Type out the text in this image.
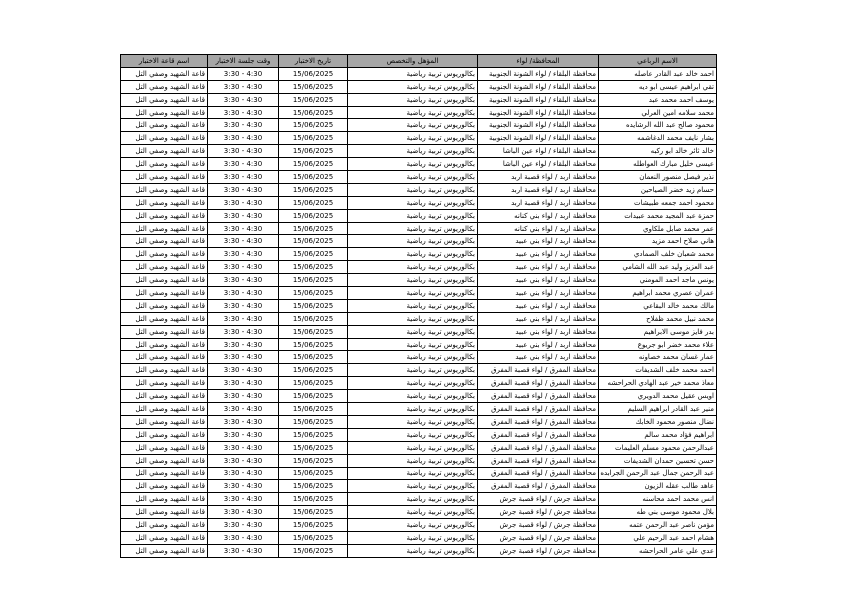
الاسم الرباعي	المحافظة/ لواء	المؤهل والتخصص	تاريخ الاختبار	وقت جلسة الاختبار	اسم قاعة الاختبار
احمد خالد عبد القادر عاصله	محافظة البلقاء / لواء الشونة الجنوبية	بكالوريوس تربية رياضية	15/06/2025	3:30 - 4:30	قاعة الشهيد وصفي التل
تقي ابراهيم عيسى ابو ديه	محافظة البلقاء / لواء الشونة الجنوبية	بكالوريوس تربية رياضية	15/06/2025	3:30 - 4:30	قاعة الشهيد وصفي التل
يوسف احمد محمد عبد	محافظة البلقاء / لواء الشونة الجنوبية	بكالوريوس تربية رياضية	15/06/2025	3:30 - 4:30	قاعة الشهيد وصفي التل
محمد سلامه امين العرلي	محافظة البلقاء / لواء الشونة الجنوبية	بكالوريوس تربية رياضية	15/06/2025	3:30 - 4:30	قاعة الشهيد وصفي التل
محمود صالح عبد الله الرشايده	محافظة البلقاء / لواء الشونة الجنوبية	بكالوريوس تربية رياضية	15/06/2025	3:30 - 4:30	قاعة الشهيد وصفي التل
بشار نايف محمد الدغاشمه	محافظة البلقاء / لواء الشونة الجنوبية	بكالوريوس تربية رياضية	15/06/2025	3:30 - 4:30	قاعة الشهيد وصفي التل
خالد ثائر خالد ابو ركبه	محافظة البلقاء / لواء عين الباشا	بكالوريوس تربية رياضية	15/06/2025	3:30 - 4:30	قاعة الشهيد وصفي التل
عيسى خليل مبارك العواطله	محافظة البلقاء / لواء عين الباشا	بكالوريوس تربية رياضية	15/06/2025	3:30 - 4:30	قاعة الشهيد وصفي التل
نذير فيصل منصور النعمان	محافظة اربد / لواء قصبة اربد	بكالوريوس تربية رياضية	15/06/2025	3:30 - 4:30	قاعة الشهيد وصفي التل
حسام زيد خضر الصياحين	محافظة اربد / لواء قصبة اربد	بكالوريوس تربية رياضية	15/06/2025	3:30 - 4:30	قاعة الشهيد وصفي التل
محمود احمد جمعه طبيشات	محافظة اربد / لواء قصبة اربد	بكالوريوس تربية رياضية	15/06/2025	3:30 - 4:30	قاعة الشهيد وصفي التل
حمزة عبد المجيد محمد عبيدات	محافظة اربد / لواء بني كنانه	بكالوريوس تربية رياضية	15/06/2025	3:30 - 4:30	قاعة الشهيد وصفي التل
عمر محمد صابل ملكاوي	محافظة اربد / لواء بني كنانه	بكالوريوس تربية رياضية	15/06/2025	3:30 - 4:30	قاعة الشهيد وصفي التل
هاني صلاح احمد مزيد	محافظة اربد / لواء بني عبيد	بكالوريوس تربية رياضية	15/06/2025	3:30 - 4:30	قاعة الشهيد وصفي التل
محمد شعبان خلف الصمادي	محافظة اربد / لواء بني عبيد	بكالوريوس تربية رياضية	15/06/2025	3:30 - 4:30	قاعة الشهيد وصفي التل
عبد العزيز وليد عبد الله الشامي	محافظة اربد / لواء بني عبيد	بكالوريوس تربية رياضية	15/06/2025	3:30 - 4:30	قاعة الشهيد وصفي التل
يونس ماجد احمد المومني	محافظة اربد / لواء بني عبيد	بكالوريوس تربية رياضية	15/06/2025	3:30 - 4:30	قاعة الشهيد وصفي التل
عمران عصري محمد ابراهيم	محافظة اربد / لواء بني عبيد	بكالوريوس تربية رياضية	15/06/2025	3:30 - 4:30	قاعة الشهيد وصفي التل
مالك محمد خالد البقاعي	محافظة اربد / لواء بني عبيد	بكالوريوس تربية رياضية	15/06/2025	3:30 - 4:30	قاعة الشهيد وصفي التل
محمد نبيل محمد ظفلاح	محافظة اربد / لواء بني عبيد	بكالوريوس تربية رياضية	15/06/2025	3:30 - 4:30	قاعة الشهيد وصفي التل
بدر فايز موسى الابراهيم	محافظة اربد / لواء بني عبيد	بكالوريوس تربية رياضية	15/06/2025	3:30 - 4:30	قاعة الشهيد وصفي التل
علاء محمد خضر ابو جريوع	محافظة اربد / لواء بني عبيد	بكالوريوس تربية رياضية	15/06/2025	3:30 - 4:30	قاعة الشهيد وصفي التل
عمار غسان محمد خصاونه	محافظة اربد / لواء بني عبيد	بكالوريوس تربية رياضية	15/06/2025	3:30 - 4:30	قاعة الشهيد وصفي التل
احمد محمد خلف الشديفات	محافظة المفرق / لواء قصبة المفرق	بكالوريوس تربية رياضية	15/06/2025	3:30 - 4:30	قاعة الشهيد وصفي التل
معاذ محمد خير عبد الهادي الحراحشه	محافظة المفرق / لواء قصبة المفرق	بكالوريوس تربية رياضية	15/06/2025	3:30 - 4:30	قاعة الشهيد وصفي التل
اويس عقيل محمد الدويري	محافظة المفرق / لواء قصبة المفرق	بكالوريوس تربية رياضية	15/06/2025	3:30 - 4:30	قاعة الشهيد وصفي التل
منير عبد القادر ابراهيم السليم	محافظة المفرق / لواء قصبة المفرق	بكالوريوس تربية رياضية	15/06/2025	3:30 - 4:30	قاعة الشهيد وصفي التل
نضال منصور محمود الخابك	محافظة المفرق / لواء قصبة المفرق	بكالوريوس تربية رياضية	15/06/2025	3:30 - 4:30	قاعة الشهيد وصفي التل
ابراهيم فؤاد محمد سالم	محافظة المفرق / لواء قصبة المفرق	بكالوريوس تربية رياضية	15/06/2025	3:30 - 4:30	قاعة الشهيد وصفي التل
عبدالرحمن محمود مسلم العليمات	محافظة المفرق / لواء قصبة المفرق	بكالوريوس تربية رياضية	15/06/2025	3:30 - 4:30	قاعة الشهيد وصفي التل
حسن تحسين حمدان الشديفات	محافظة المفرق / لواء قصبة المفرق	بكالوريوس تربية رياضية	15/06/2025	3:30 - 4:30	قاعة الشهيد وصفي التل
عبد الرحمن جمال عبد الرحمن الجرابده	محافظة المفرق / لواء قصبة المفرق	بكالوريوس تربية رياضية	15/06/2025	3:30 - 4:30	قاعة الشهيد وصفي التل
عاهد طالب عقله الزيون	محافظة المفرق / لواء قصبة المفرق	بكالوريوس تربية رياضية	15/06/2025	3:30 - 4:30	قاعة الشهيد وصفي التل
انس محمد احمد محاسنه	محافظة جرش / لواء قصبة جرش	بكالوريوس تربية رياضية	15/06/2025	3:30 - 4:30	قاعة الشهيد وصفي التل
بلال محمود موسى بني طه	محافظة جرش / لواء قصبة جرش	بكالوريوس تربية رياضية	15/06/2025	3:30 - 4:30	قاعة الشهيد وصفي التل
مؤمن ناصر عبد الرحمن عتمه	محافظة جرش / لواء قصبة جرش	بكالوريوس تربية رياضية	15/06/2025	3:30 - 4:30	قاعة الشهيد وصفي التل
هشام احمد عبد الرحيم علي	محافظة جرش / لواء قصبة جرش	بكالوريوس تربية رياضية	15/06/2025	3:30 - 4:30	قاعة الشهيد وصفي التل
عدي علي عامر الحراحشه	محافظة جرش / لواء قصبة جرش	بكالوريوس تربية رياضية	15/06/2025	3:30 - 4:30	قاعة الشهيد وصفي التل
